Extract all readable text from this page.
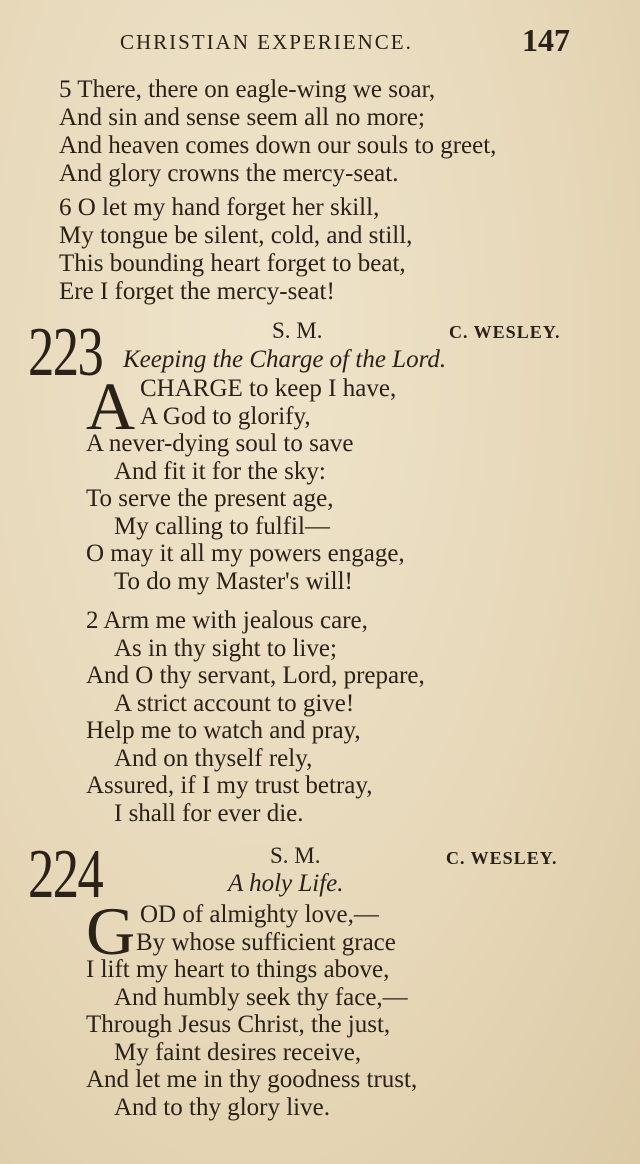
CHRISTIAN EXPERIENCE.	147
5 There, there on eagle-wing we soar,
And sin and sense seem all no more;
And heaven comes down our souls to greet,
And glory crowns the mercy-seat.
6 O let my hand forget her skill,
My tongue be silent, cold, and still,
This bounding heart forget to beat,
Ere I forget the mercy-seat!
223	S. M.	C. WESLEY.
Keeping the Charge of the Lord.
A CHARGE to keep I have,
A God to glorify,
A never-dying soul to save
And fit it for the sky:
To serve the present age,
My calling to fulfil—
O may it all my powers engage,
To do my Master's will!
2 Arm me with jealous care,
As in thy sight to live;
And O thy servant, Lord, prepare,
A strict account to give!
Help me to watch and pray,
And on thyself rely,
Assured, if I my trust betray,
I shall for ever die.
224	S. M.	C. WESLEY.
A holy Life.
G OD of almighty love,—
By whose sufficient grace
I lift my heart to things above,
And humbly seek thy face,—
Through Jesus Christ, the just,
My faint desires receive,
And let me in thy goodness trust,
And to thy glory live.
